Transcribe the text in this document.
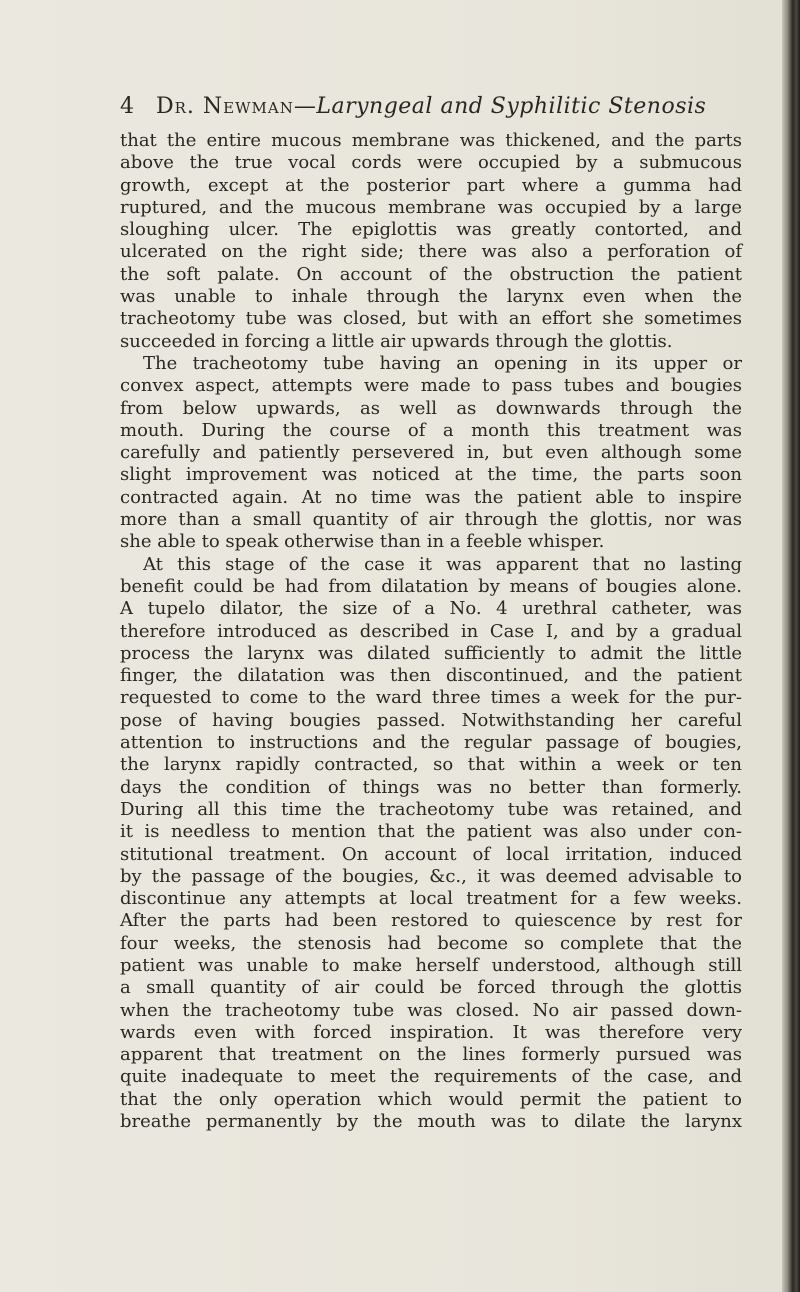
4 Dr. Newman—Laryngeal and Syphilitic Stenosis
that the entire mucous membrane was thickened, and the parts
above the true vocal cords were occupied by a submucous
growth, except at the posterior part where a gumma had
ruptured, and the mucous membrane was occupied by a large
sloughing ulcer. The epiglottis was greatly contorted, and
ulcerated on the right side; there was also a perforation of
the soft palate. On account of the obstruction the patient
was unable to inhale through the larynx even when the
tracheotomy tube was closed, but with an effort she sometimes
succeeded in forcing a little air upwards through the glottis.
The tracheotomy tube having an opening in its upper or
convex aspect, attempts were made to pass tubes and bougies
from below upwards, as well as downwards through the
mouth. During the course of a month this treatment was
carefully and patiently persevered in, but even although some
slight improvement was noticed at the time, the parts soon
contracted again. At no time was the patient able to inspire
more than a small quantity of air through the glottis, nor was
she able to speak otherwise than in a feeble whisper.
At this stage of the case it was apparent that no lasting
benefit could be had from dilatation by means of bougies alone.
A tupelo dilator, the size of a No. 4 urethral catheter, was
therefore introduced as described in Case I, and by a gradual
process the larynx was dilated sufficiently to admit the little
finger, the dilatation was then discontinued, and the patient
requested to come to the ward three times a week for the pur-
pose of having bougies passed. Notwithstanding her careful
attention to instructions and the regular passage of bougies,
the larynx rapidly contracted, so that within a week or ten
days the condition of things was no better than formerly.
During all this time the tracheotomy tube was retained, and
it is needless to mention that the patient was also under con-
stitutional treatment. On account of local irritation, induced
by the passage of the bougies, &c., it was deemed advisable to
discontinue any attempts at local treatment for a few weeks.
After the parts had been restored to quiescence by rest for
four weeks, the stenosis had become so complete that the
patient was unable to make herself understood, although still
a small quantity of air could be forced through the glottis
when the tracheotomy tube was closed. No air passed down-
wards even with forced inspiration. It was therefore very
apparent that treatment on the lines formerly pursued was
quite inadequate to meet the requirements of the case, and
that the only operation which would permit the patient to
breathe permanently by the mouth was to dilate the larynx
